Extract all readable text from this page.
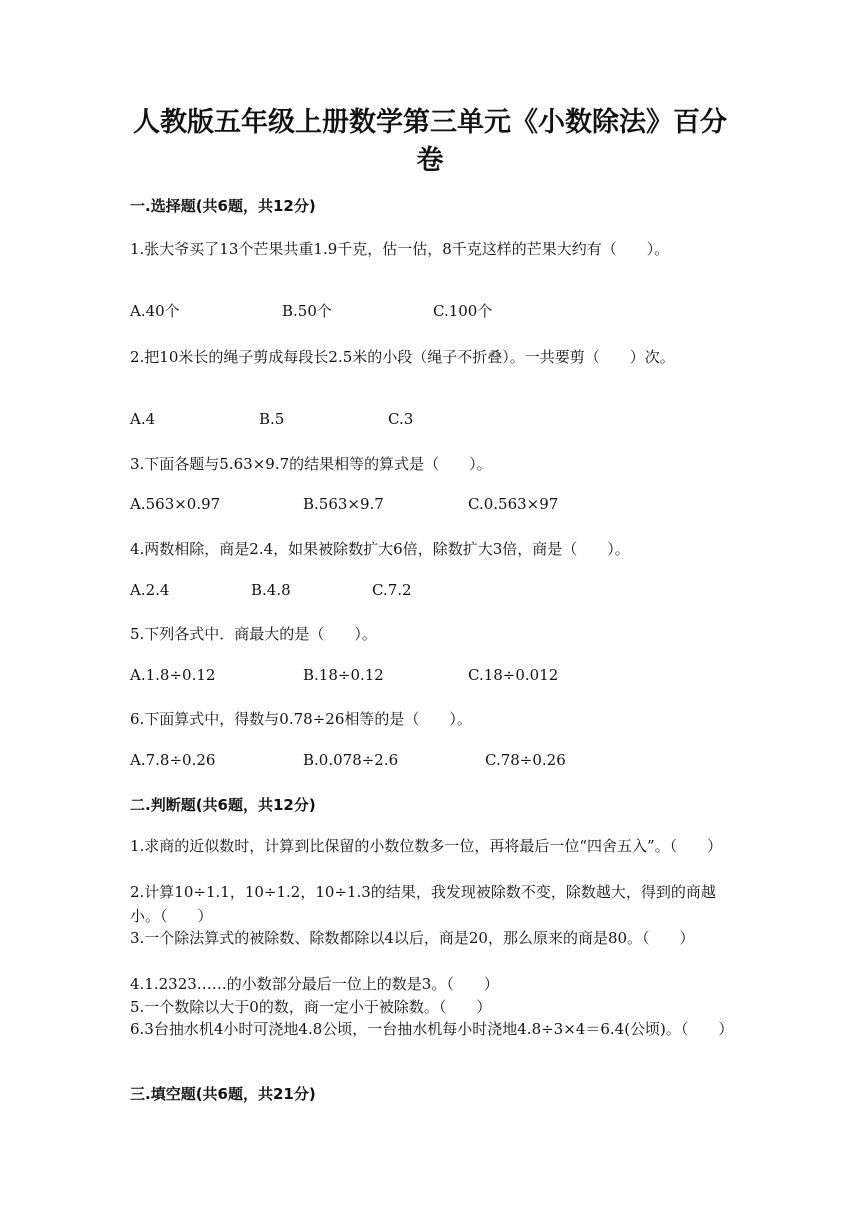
人教版五年级上册数学第三单元《小数除法》百分卷
一.选择题(共6题，共12分)
1.张大爷买了13个芒果共重1.9千克，估一估，8千克这样的芒果大约有（　　）。
A.40个	B.50个	C.100个
2.把10米长的绳子剪成每段长2.5米的小段（绳子不折叠）。一共要剪（　　）次。
A.4	B.5	C.3
3.下面各题与5.63×9.7的结果相等的算式是（　　）。
A.563×0.97	B.563×9.7	C.0.563×97
4.两数相除，商是2.4，如果被除数扩大6倍，除数扩大3倍，商是（　　）。
A.2.4	B.4.8	C.7.2
5.下列各式中．商最大的是（　　）。
A.1.8÷0.12	B.18÷0.12	C.18÷0.012
6.下面算式中，得数与0.78÷26相等的是（　　）。
A.7.8÷0.26	B.0.078÷2.6	C.78÷0.26
二.判断题(共6题，共12分)
1.求商的近似数时，计算到比保留的小数位数多一位，再将最后一位“四舍五入”。（　　）
2.计算10÷1.1，10÷1.2，10÷1.3的结果，我发现被除数不变，除数越大，得到的商越小。（　　）
3.一个除法算式的被除数、除数都除以4以后，商是20，那么原来的商是80。（　　）
4.1.2323……的小数部分最后一位上的数是3。（　　）
5.一个数除以大于0的数，商一定小于被除数。（　　）
6.3台抽水机4小时可浇地4.8公顷，一台抽水机每小时浇地4.8÷3×4＝6.4(公顷)。（　　）
三.填空题(共6题，共21分)
